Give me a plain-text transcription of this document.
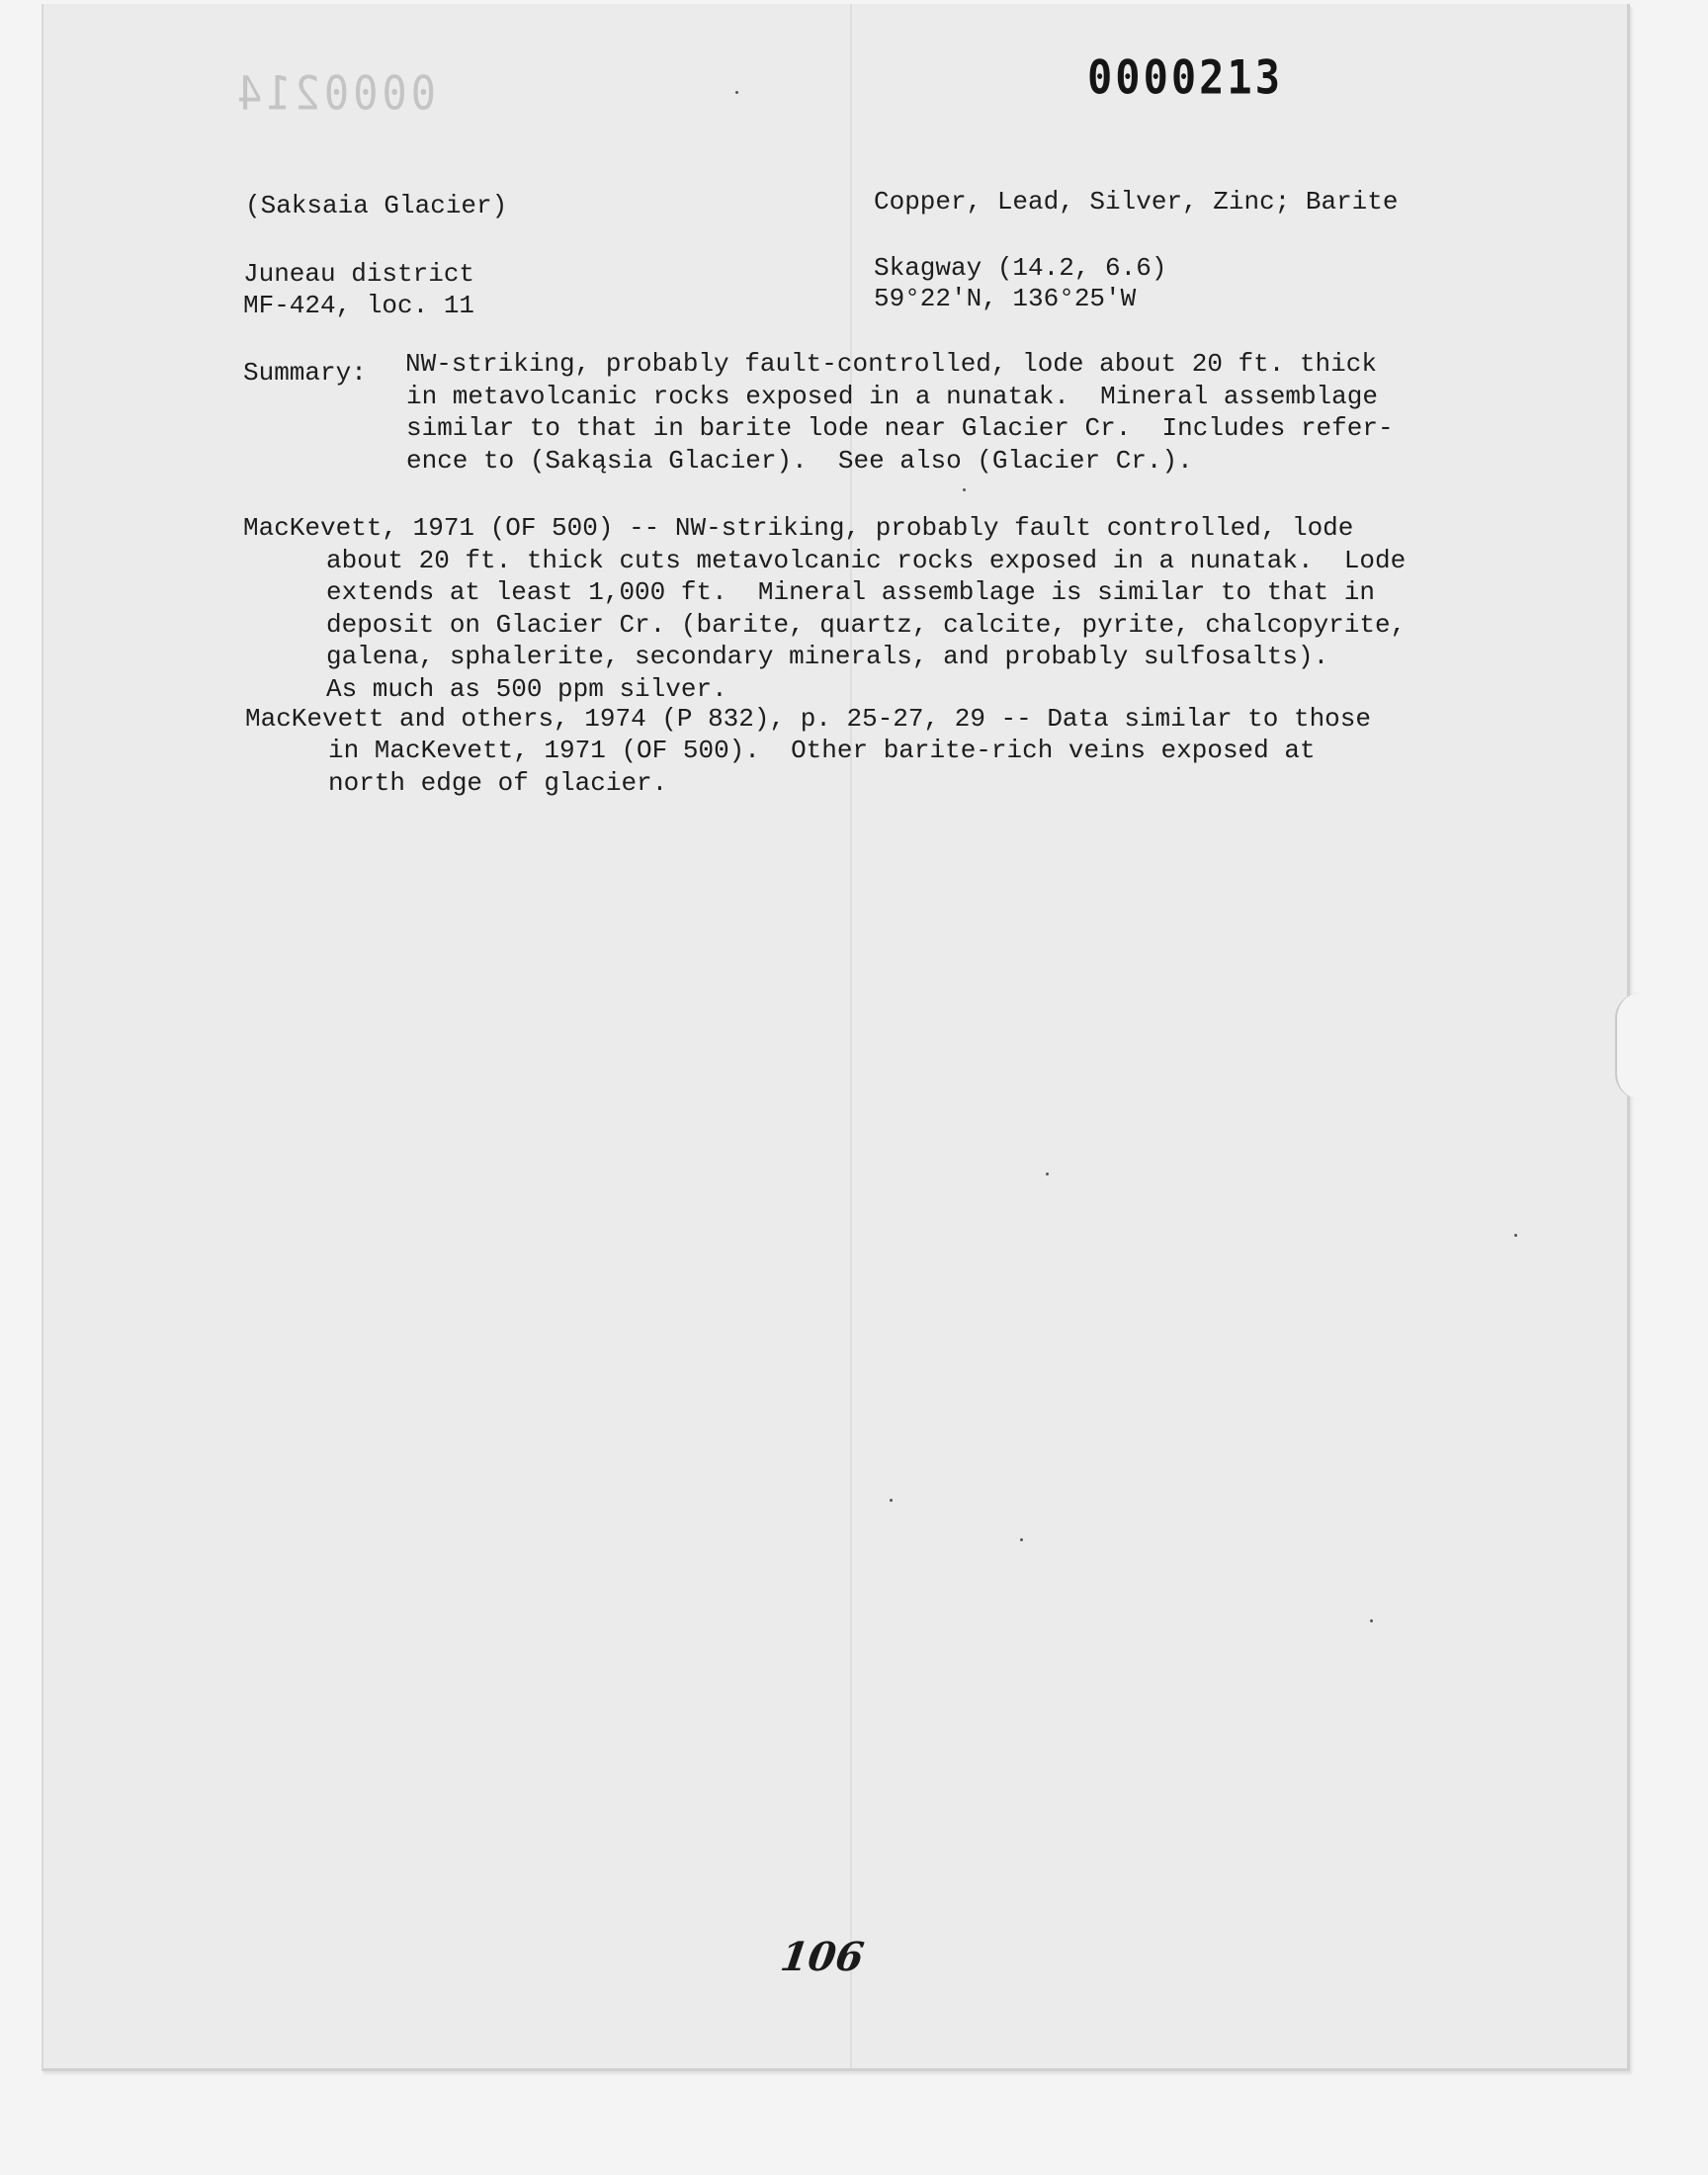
0000214	0000213

(Saksaia Glacier)	Copper, Lead, Silver, Zinc; Barite

Juneau district	Skagway (14.2, 6.6)

MF-424, loc. 11	59°22'N, 136°25'W

Summary: NW-striking, probably fault-controlled, lode about 20 ft. thick

in metavolcanic rocks exposed in a nunatak.  Mineral assemblage

similar to that in barite lode near Glacier Cr.  Includes refer-

ence to (Sakąsia Glacier).  See also (Glacier Cr.).

MacKevett, 1971 (OF 500) -- NW-striking, probably fault controlled, lode

about 20 ft. thick cuts metavolcanic rocks exposed in a nunatak.  Lode

extends at least 1,000 ft.  Mineral assemblage is similar to that in

deposit on Glacier Cr. (barite, quartz, calcite, pyrite, chalcopyrite,

galena, sphalerite, secondary minerals, and probably sulfosalts).

As much as 500 ppm silver.

MacKevett and others, 1974 (P 832), p. 25-27, 29 -- Data similar to those

in MacKevett, 1971 (OF 500).  Other barite-rich veins exposed at

north edge of glacier.

106
